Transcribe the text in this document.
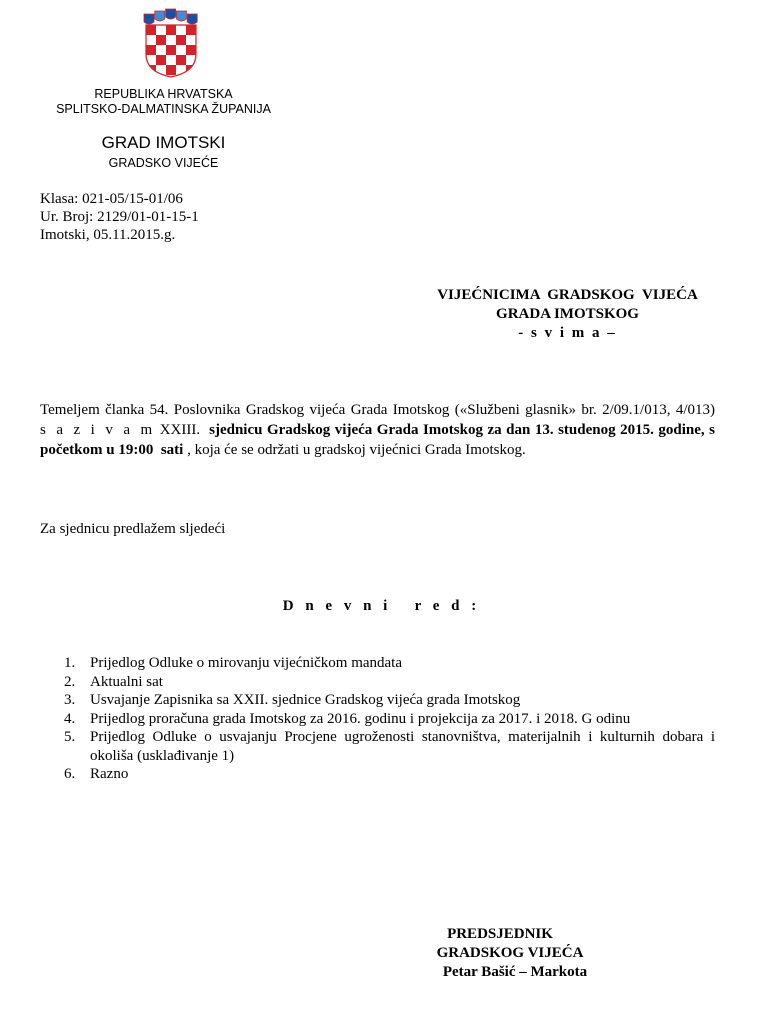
REPUBLIKA HRVATSKA
SPLITSKO-DALMATINSKA ŽUPANIJA
GRAD IMOTSKI
GRADSKO VIJEĆE
Klasa: 021-05/15-01/06
Ur. Broj: 2129/01-01-15-1
Imotski, 05.11.2015.g.
VIJEĆNICIMA  GRADSKOG  VIJEĆA
GRADA IMOTSKOG
- s v i m a –
Temeljem članka 54. Poslovnika Gradskog vijeća Grada Imotskog («Službeni glasnik» br. 2/09.1/013, 4/013)     s a z i v a m XXIII.  sjednicu Gradskog vijeća Grada Imotskog za dan 13. studenog 2015. godine, s početkom u 19:00  sati , koja će se održati u gradskoj vijećnici Grada Imotskog.
Za sjednicu predlažem sljedeći
D n e v n i   r e d :
1. Prijedlog Odluke o mirovanju vijećničkom mandata
2. Aktualni sat
3. Usvajanje Zapisnika sa XXII. sjednice Gradskog vijeća grada Imotskog
4. Prijedlog proračuna grada Imotskog za 2016. godinu i projekcija za 2017. i 2018. G odinu
5. Prijedlog Odluke o usvajanju Procjene ugroženosti stanovništva, materijalnih i kulturnih dobara i okoliša (usklađivanje 1)
6. Razno
PREDSJEDNIK
GRADSKOG VIJEĆA
Petar Bašić – Markota
